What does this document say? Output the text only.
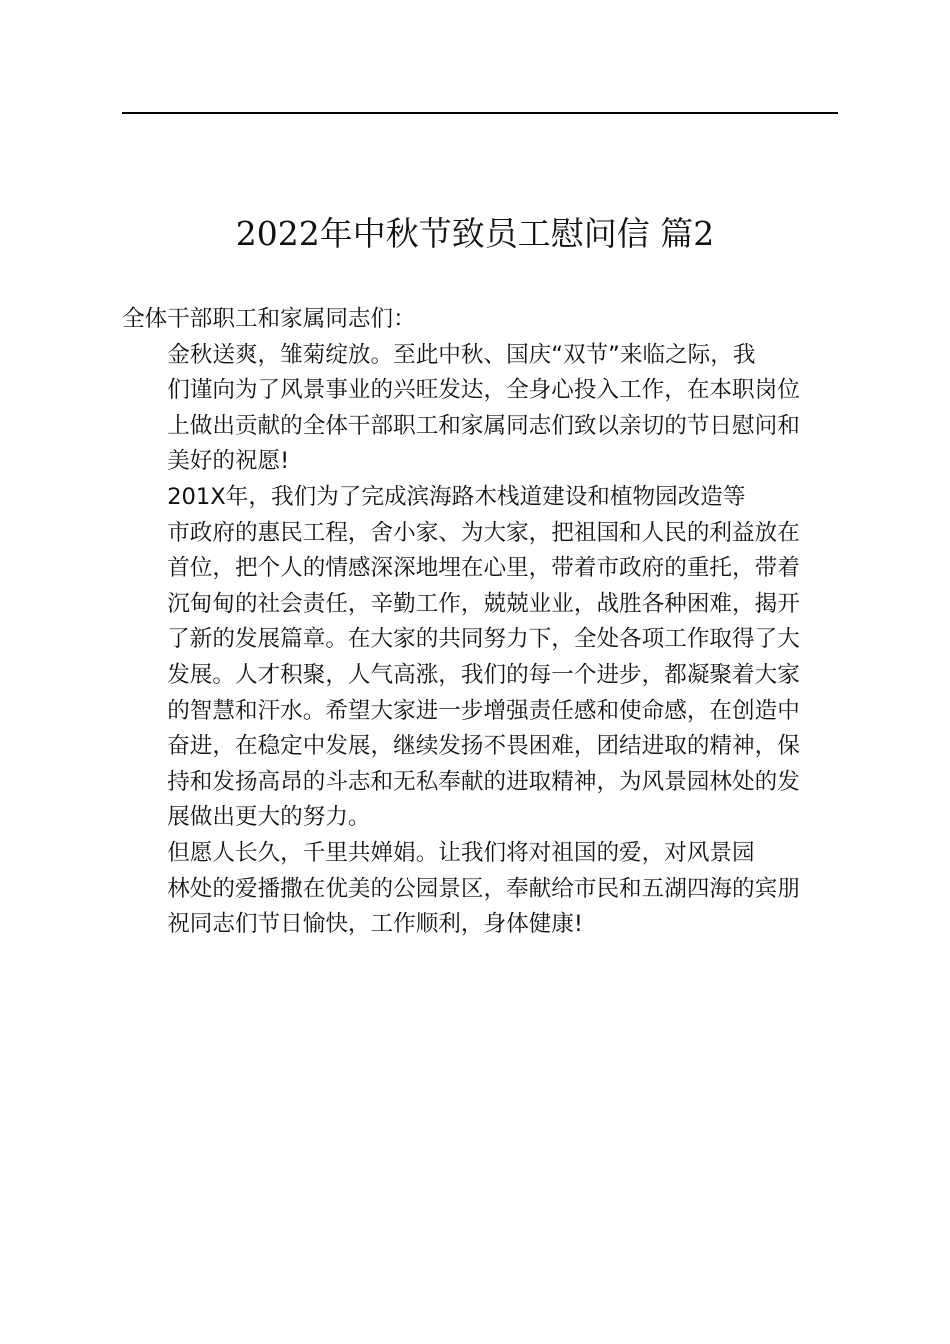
2022年中秋节致员工慰问信 篇2

全体干部职工和家属同志们：

金秋送爽，雏菊绽放。至此中秋、国庆“双节”来临之际，我
们谨向为了风景事业的兴旺发达，全身心投入工作，在本职岗位
上做出贡献的全体干部职工和家属同志们致以亲切的节日慰问和
美好的祝愿!

201X年，我们为了完成滨海路木栈道建设和植物园改造等
市政府的惠民工程，舍小家、为大家，把祖国和人民的利益放在
首位，把个人的情感深深地埋在心里，带着市政府的重托，带着
沉甸甸的社会责任，辛勤工作，兢兢业业，战胜各种困难，揭开
了新的发展篇章。在大家的共同努力下，全处各项工作取得了大
发展。人才积聚，人气高涨，我们的每一个进步，都凝聚着大家
的智慧和汗水。希望大家进一步增强责任感和使命感，在创造中
奋进，在稳定中发展，继续发扬不畏困难，团结进取的精神，保
持和发扬高昂的斗志和无私奉献的进取精神，为风景园林处的发
展做出更大的努力。

但愿人长久，千里共婵娟。让我们将对祖国的爱，对风景园
林处的爱播撒在优美的公园景区，奉献给市民和五湖四海的宾朋

祝同志们节日愉快，工作顺利，身体健康!
